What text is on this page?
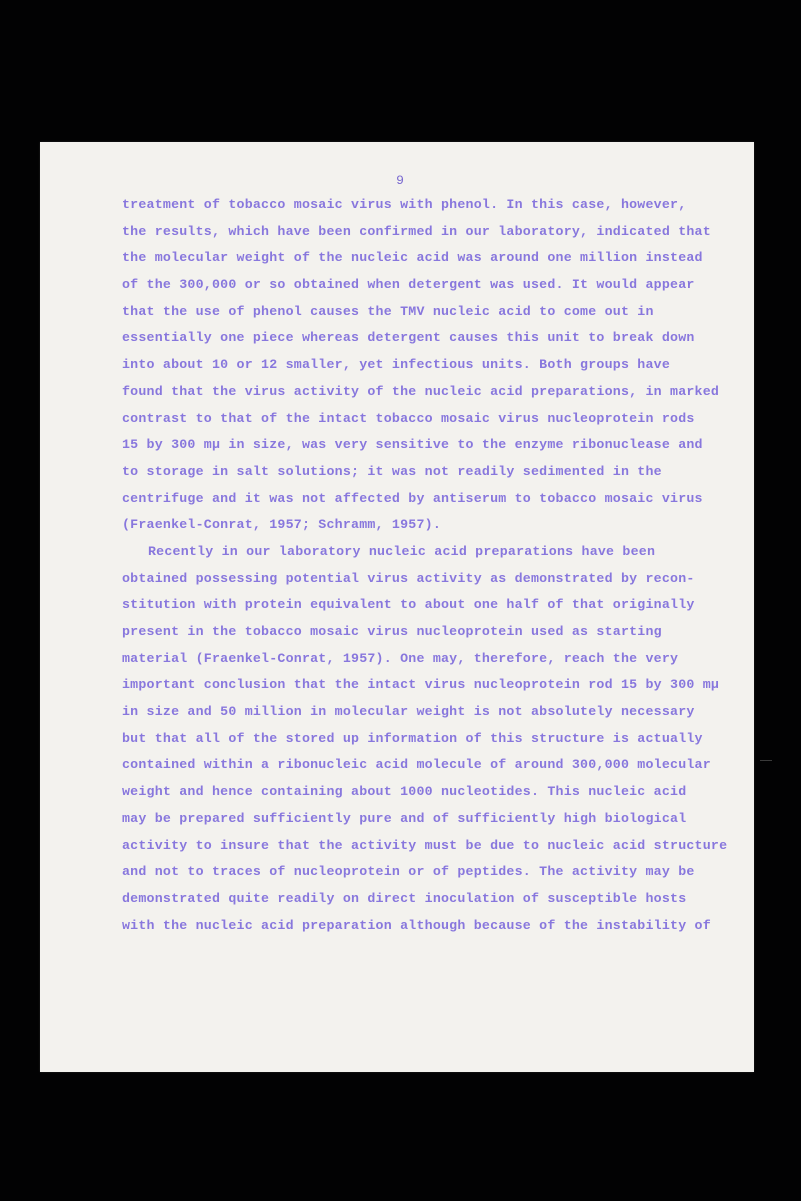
9
treatment of tobacco mosaic virus with phenol. In this case, however,
the results, which have been confirmed in our laboratory, indicated that
the molecular weight of the nucleic acid was around one million instead
of the 300,000 or so obtained when detergent was used. It would appear
that the use of phenol causes the TMV nucleic acid to come out in
essentially one piece whereas detergent causes this unit to break down
into about 10 or 12 smaller, yet infectious units. Both groups have
found that the virus activity of the nucleic acid preparations, in marked
contrast to that of the intact tobacco mosaic virus nucleoprotein rods
15 by 300 mμ in size, was very sensitive to the enzyme ribonuclease and
to storage in salt solutions; it was not readily sedimented in the
centrifuge and it was not affected by antiserum to tobacco mosaic virus
(Fraenkel-Conrat, 1957; Schramm, 1957).
Recently in our laboratory nucleic acid preparations have been
obtained possessing potential virus activity as demonstrated by recon-
stitution with protein equivalent to about one half of that originally
present in the tobacco mosaic virus nucleoprotein used as starting
material (Fraenkel-Conrat, 1957). One may, therefore, reach the very
important conclusion that the intact virus nucleoprotein rod 15 by 300 mμ
in size and 50 million in molecular weight is not absolutely necessary
but that all of the stored up information of this structure is actually
contained within a ribonucleic acid molecule of around 300,000 molecular
weight and hence containing about 1000 nucleotides. This nucleic acid
may be prepared sufficiently pure and of sufficiently high biological
activity to insure that the activity must be due to nucleic acid structure
and not to traces of nucleoprotein or of peptides. The activity may be
demonstrated quite readily on direct inoculation of susceptible hosts
with the nucleic acid preparation although because of the instability of
